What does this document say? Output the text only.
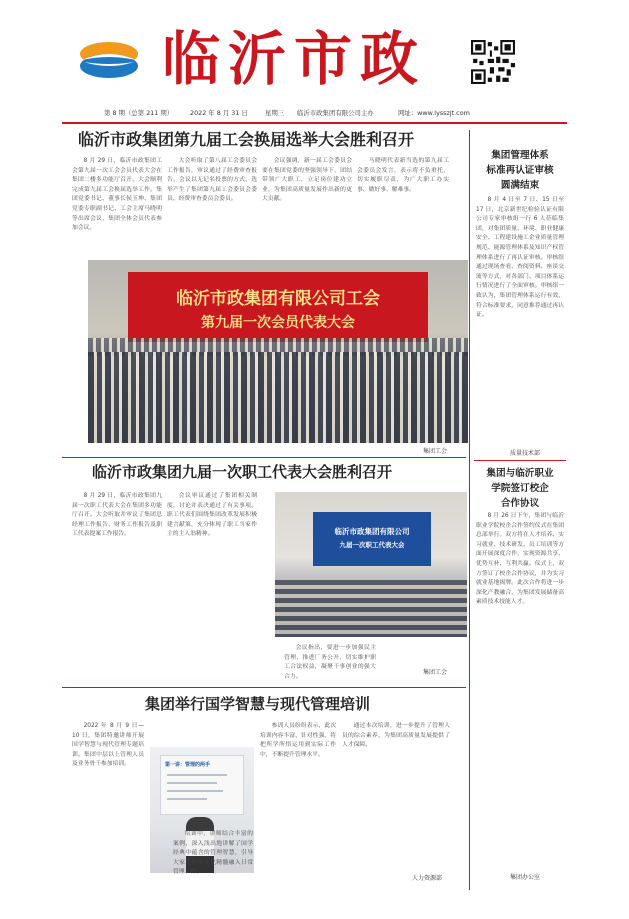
临沂市政
第 8 期（总第 211 期）	2022 年 8 月 31 日	星期三 临沂市政集团有限公司主办	网址：www.lysszjt.com
临沂市政集团第九届工会换届选举大会胜利召开
8 月 29 日，临沂市政集团工会第九届一次工会会员代表大会在集团二楼多功能厅召开。大会顺利完成第九届工会换届选举工作。集团党委书记、董事长侯玉坤、集团党委专职副书记、工会主席马晓明等出席会议，集团全体会员代表参加会议。
大会听取了第八届工会委员会工作报告，审议通过了经费审查报告。会议以无记名投票的方式，选举产生了集团第九届工会委员会委员、经费审查委员会委员。
会议强调，新一届工会委员会要在集团党委的坚强领导下，团结带领广大职工，立足岗位建功立业，为集团高质量发展作出新的更大贡献。
马晓明代表新当选的第九届工会委员会发言，表示将不负重托，切实履职尽责，为广大职工办实事、做好事、解难事。
临沂市政集团有限公司工会
第九届一次会员代表大会
集团工会
临沂市政集团九届一次职工代表大会胜利召开
8 月 29 日，临沂市政集团九届一次职工代表大会在集团多功能厅召开。大会听取并审议了集团总经理工作报告、财务工作报告及职工代表提案工作报告。
会议审议通过了集团相关制度，讨论并表决通过了有关事项。职工代表们围绕集团改革发展积极建言献策，充分体现了职工当家作主的主人翁精神。	临沂市政集团有限公司
九届一次职工代表大会
会议指出，要进一步加强民主管理，推进厂务公开，切实维护职工合法权益，凝聚干事创业的强大合力。
集团工会
集团举行国学智慧与现代管理培训
2022 年 8 月 9 日—10 日，集团特邀讲师开展国学智慧与现代管理专题培训。集团中层以上管理人员及业务骨干参加培训。	第一讲：管理的两手
培训中，讲师结合丰富的案例，深入浅出地讲解了国学经典中蕴含的管理智慧，引导大家将传统文化精髓融入日常管理工作。
参训人员纷纷表示，此次培训内容丰富、针对性强，将把所学所悟运用到实际工作中，不断提升管理水平。
通过本次培训，进一步提升了管理人员的综合素养，为集团高质量发展提供了人才保障。
人力资源部
集团管理体系
标准再认证审核
圆满结束
8 月 4 日至 7 日、15 日至 17 日，北京新世纪检验认证有限公司专家审核组一行 6 人莅临集团，对集团质量、环境、职业健康安全、工程建设施工企业质量管理规范、能源管理体系及知识产权管理体系进行了再认证审核。审核组通过现场查看、查阅资料、座谈交流等方式，对各部门、项目体系运行情况进行了全面审核。审核组一致认为，集团管理体系运行有效，符合标准要求，同意推荐通过再认证。
质量技术部
集团与临沂职业
学院签订校企
合作协议
8 月 26 日下午，集团与临沂职业学院校企合作签约仪式在集团总部举行。双方将在人才培养、实习就业、技术研发、员工培训等方面开展深度合作，实现资源共享、优势互补、互利共赢。仪式上，双方签订了校企合作协议，并为实习就业基地揭牌。此次合作将进一步深化产教融合，为集团发展储备高素质技术技能人才。
集团办公室
